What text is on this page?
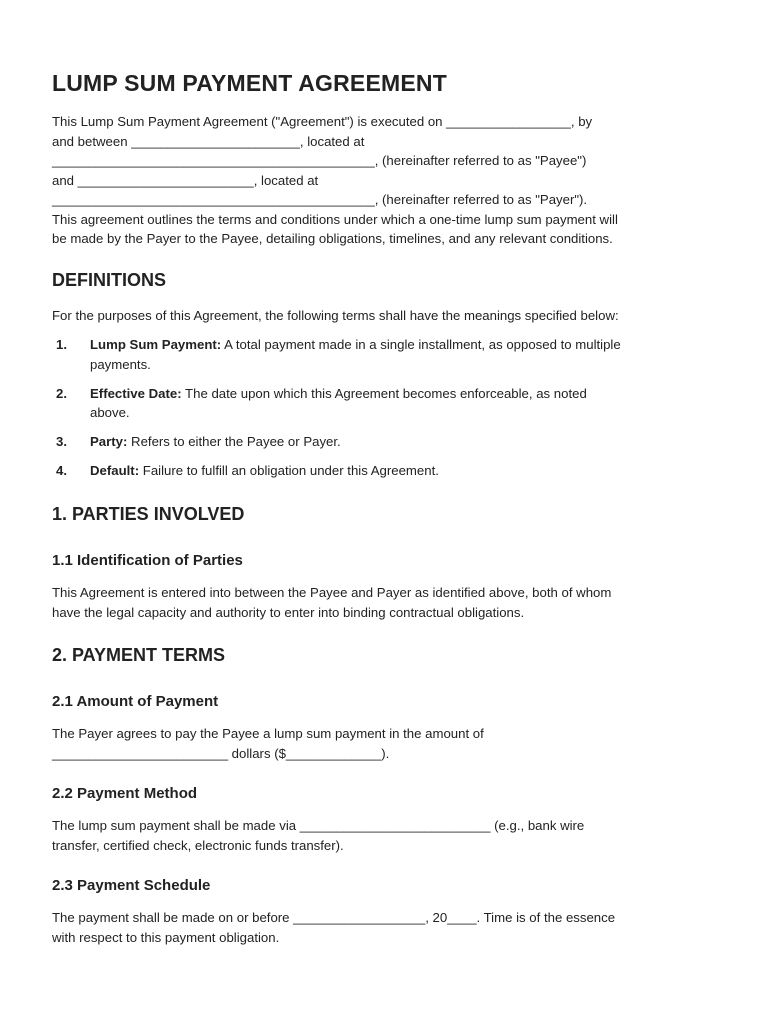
LUMP SUM PAYMENT AGREEMENT
This Lump Sum Payment Agreement ("Agreement") is executed on _________________, by
and between _______________________, located at
____________________________________________, (hereinafter referred to as "Payee")
and ________________________, located at
____________________________________________, (hereinafter referred to as "Payer").
This agreement outlines the terms and conditions under which a one-time lump sum payment will
be made by the Payer to the Payee, detailing obligations, timelines, and any relevant conditions.
DEFINITIONS
For the purposes of this Agreement, the following terms shall have the meanings specified below:
1. Lump Sum Payment: A total payment made in a single installment, as opposed to multiple
payments.
2. Effective Date: The date upon which this Agreement becomes enforceable, as noted
above.
3. Party: Refers to either the Payee or Payer.
4. Default: Failure to fulfill an obligation under this Agreement.
1. PARTIES INVOLVED
1.1 Identification of Parties
This Agreement is entered into between the Payee and Payer as identified above, both of whom
have the legal capacity and authority to enter into binding contractual obligations.
2. PAYMENT TERMS
2.1 Amount of Payment
The Payer agrees to pay the Payee a lump sum payment in the amount of
________________________ dollars ($_____________).
2.2 Payment Method
The lump sum payment shall be made via __________________________ (e.g., bank wire
transfer, certified check, electronic funds transfer).
2.3 Payment Schedule
The payment shall be made on or before __________________, 20____. Time is of the essence
with respect to this payment obligation.
